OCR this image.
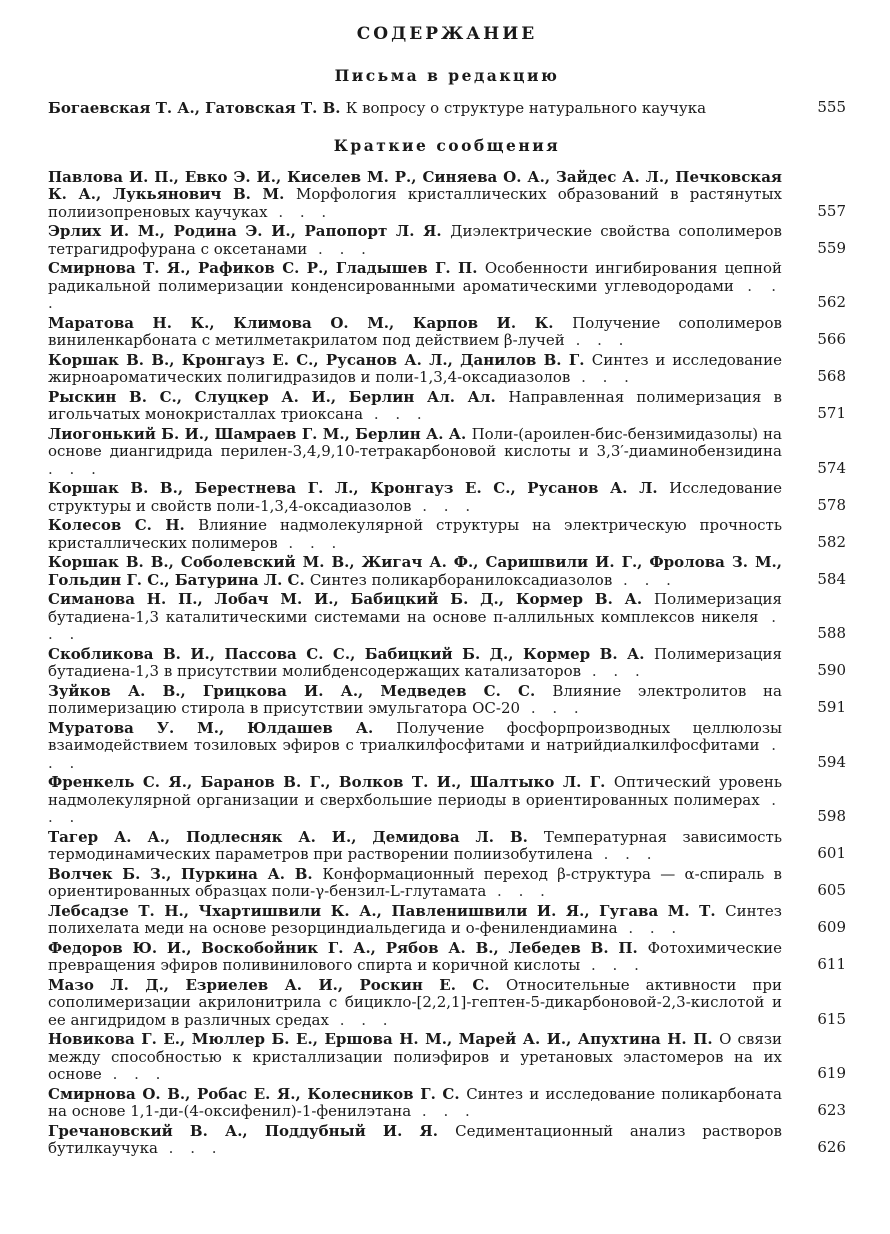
СОДЕРЖАНИЕ
Письма в редакцию
Богаевская Т. А., Гатовская Т. В. К вопросу о структуре натурального каучука	555
Краткие сообщения
Павлова И. П., Евко Э. И., Киселев М. Р., Синяева О. А., Зайдес А. Л., Печковская К. А., Лукьянович В. М. Морфология кристаллических образований в растянутых полиизопреновых каучуках . . .	557
Эрлих И. М., Родина Э. И., Рапопорт Л. Я. Диэлектрические свойства сополимеров тетрагидрофурана с оксетанами . . .	559
Смирнова Т. Я., Рафиков С. Р., Гладышев Г. П. Особенности ингибирования цепной радикальной полимеризации конденсированными ароматическими углеводородами . . .	562
Маратова Н. К., Климова О. М., Карпов И. К. Получение сополимеров виниленкарбоната с метилметакрилатом под действием β-лучей . . .	566
Коршак В. В., Кронгауз Е. С., Русанов А. Л., Данилов В. Г. Синтез и исследование жирноароматических полигидразидов и поли-1,3,4-оксадиазолов . . .	568
Рыскин В. С., Слуцкер А. И., Берлин Ал. Ал. Направленная полимеризация в игольчатых монокристаллах триоксана . . .	571
Лиогонький Б. И., Шамраев Г. М., Берлин А. А. Поли-(ароилен-бис-бензимидазолы) на основе диангидрида перилен-3,4,9,10-тетракарбоновой кислоты и 3,3′-диаминобензидина . . .	574
Коршак В. В., Берестнева Г. Л., Кронгауз Е. С., Русанов А. Л. Исследование структуры и свойств поли-1,3,4-оксадиазолов . . .	578
Колесов С. Н. Влияние надмолекулярной структуры на электрическую прочность кристаллических полимеров . . .	582
Коршак В. В., Соболевский М. В., Жигач А. Ф., Саришвили И. Г., Фролова З. М., Гольдин Г. С., Батурина Л. С. Синтез поликарборанилоксадиазолов . . .	584
Симанова Н. П., Лобач М. И., Бабицкий Б. Д., Кормер В. А. Полимеризация бутадиена-1,3 каталитическими системами на основе π-аллильных комплексов никеля . . .	588
Скобликова В. И., Пассова С. С., Бабицкий Б. Д., Кормер В. А. Полимеризация бутадиена-1,3 в присутствии молибденсодержащих катализаторов . . .	590
Зуйков А. В., Грицкова И. А., Медведев С. С. Влияние электролитов на полимеризацию стирола в присутствии эмульгатора ОС-20 . . .	591
Муратова У. М., Юлдашев А. Получение фосфорпроизводных целлюлозы взаимодействием тозиловых эфиров с триалкилфосфитами и натрийдиалкилфосфитами . . .	594
Френкель С. Я., Баранов В. Г., Волков Т. И., Шалтыко Л. Г. Оптический уровень надмолекулярной организации и сверхбольшие периоды в ориентированных полимерах . . .	598
Тагер А. А., Подлесняк А. И., Демидова Л. В. Температурная зависимость термодинамических параметров при растворении полиизобутилена . . .	601
Волчек Б. З., Пуркина А. В. Конформационный переход β-структура — α-спираль в ориентированных образцах поли-γ-бензил-L-глутамата . . .	605
Лебсадзе Т. Н., Чхартишвили К. А., Павленишвили И. Я., Гугава М. Т. Синтез полихелата меди на основе резорциндиальдегида и о-фенилендиамина . . .	609
Федоров Ю. И., Воскобойник Г. А., Рябов А. В., Лебедев В. П. Фотохимические превращения эфиров поливинилового спирта и коричной кислоты . . .	611
Мазо Л. Д., Езриелев А. И., Роскин Е. С. Относительные активности при сополимеризации акрилонитрила с бицикло-[2,2,1]-гептен-5-дикарбоновой-2,3-кислотой и ее ангидридом в различных средах . . .	615
Новикова Г. Е., Мюллер Б. Е., Ершова Н. М., Марей А. И., Апухтина Н. П. О связи между способностью к кристаллизации полиэфиров и уретановых эластомеров на их основе . . .	619
Смирнова О. В., Робас Е. Я., Колесников Г. С. Синтез и исследование поликарбоната на основе 1,1-ди-(4-оксифенил)-1-фенилэтана . . .	623
Гречановский В. А., Поддубный И. Я. Седиментационный анализ растворов бутилкаучука . . .	626
